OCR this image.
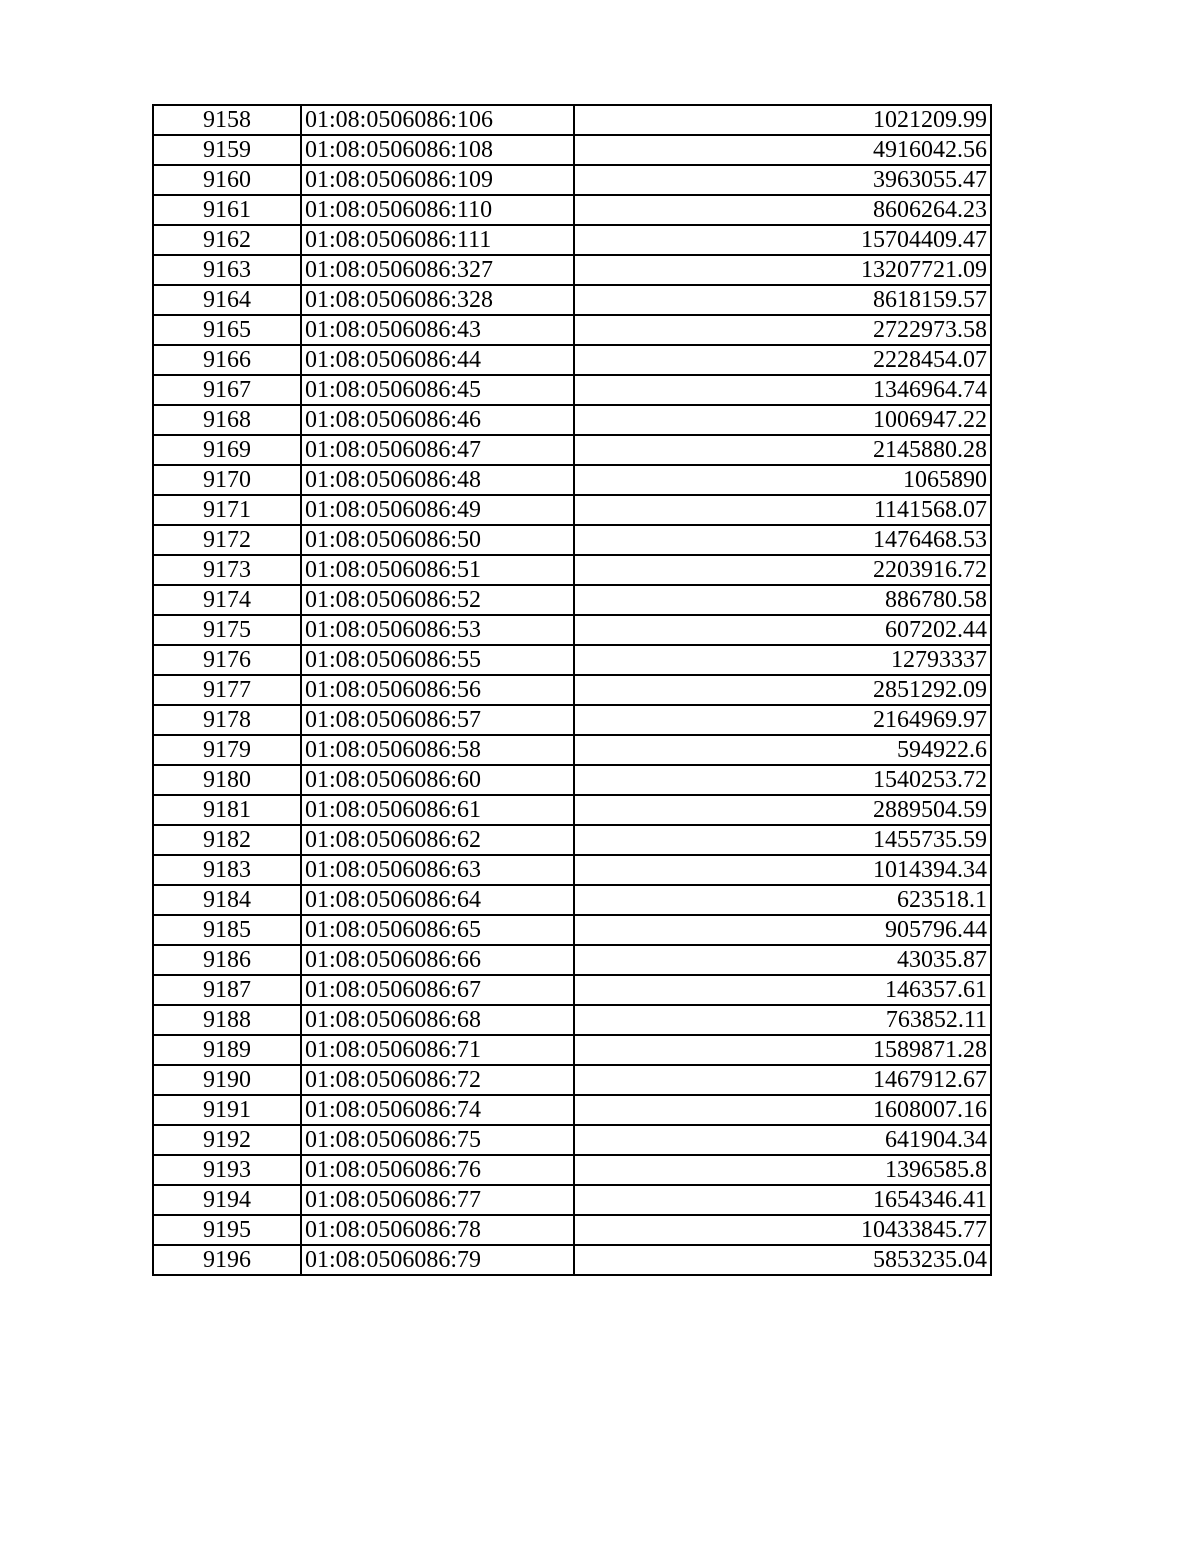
9158	01:08:0506086:106	1021209.99
9159	01:08:0506086:108	4916042.56
9160	01:08:0506086:109	3963055.47
9161	01:08:0506086:110	8606264.23
9162	01:08:0506086:111	15704409.47
9163	01:08:0506086:327	13207721.09
9164	01:08:0506086:328	8618159.57
9165	01:08:0506086:43	2722973.58
9166	01:08:0506086:44	2228454.07
9167	01:08:0506086:45	1346964.74
9168	01:08:0506086:46	1006947.22
9169	01:08:0506086:47	2145880.28
9170	01:08:0506086:48	1065890
9171	01:08:0506086:49	1141568.07
9172	01:08:0506086:50	1476468.53
9173	01:08:0506086:51	2203916.72
9174	01:08:0506086:52	886780.58
9175	01:08:0506086:53	607202.44
9176	01:08:0506086:55	12793337
9177	01:08:0506086:56	2851292.09
9178	01:08:0506086:57	2164969.97
9179	01:08:0506086:58	594922.6
9180	01:08:0506086:60	1540253.72
9181	01:08:0506086:61	2889504.59
9182	01:08:0506086:62	1455735.59
9183	01:08:0506086:63	1014394.34
9184	01:08:0506086:64	623518.1
9185	01:08:0506086:65	905796.44
9186	01:08:0506086:66	43035.87
9187	01:08:0506086:67	146357.61
9188	01:08:0506086:68	763852.11
9189	01:08:0506086:71	1589871.28
9190	01:08:0506086:72	1467912.67
9191	01:08:0506086:74	1608007.16
9192	01:08:0506086:75	641904.34
9193	01:08:0506086:76	1396585.8
9194	01:08:0506086:77	1654346.41
9195	01:08:0506086:78	10433845.77
9196	01:08:0506086:79	5853235.04
